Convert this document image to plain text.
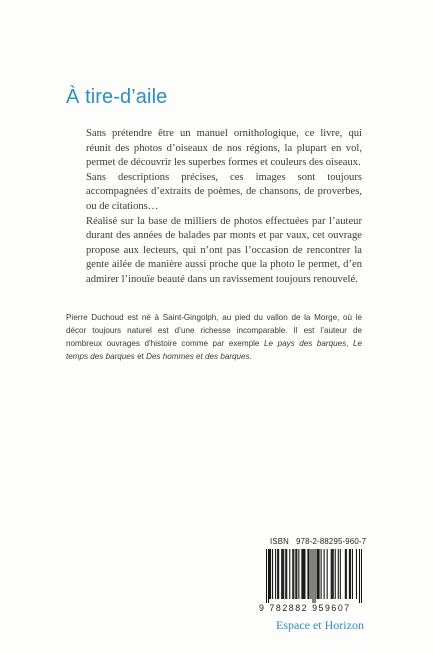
À tire-d’aile

Sans prétendre être un manuel ornithologique, ce livre, qui réunit des photos d’oiseaux de nos régions, la plupart en vol, permet de découvrir les superbes formes et couleurs des oiseaux.

Sans descriptions précises, ces images sont toujours accompagnées d’extraits de poèmes, de chansons, de proverbes, ou de citations…

Réalisé sur la base de milliers de photos effectuées par l’auteur durant des années de balades par monts et par vaux, cet ouvrage propose aux lecteurs, qui n’ont pas l’occasion de rencontrer la gente ailée de manière aussi proche que la photo le permet, d’en admirer l’inouïe beauté dans un ravissement toujours renouvelé.

Pierre Duchoud est né à Saint-Gingolph, au pied du vallon de la Morge, où le décor toujours naturel est d’une richesse incomparable. Il est l’auteur de nombreux ouvrages d’histoire comme par exemple Le pays des barques, Le temps des barques et Des hommes et des barques.

ISBN   978-2-88295-960-7
9 782882 959607
Espace et Horizon
